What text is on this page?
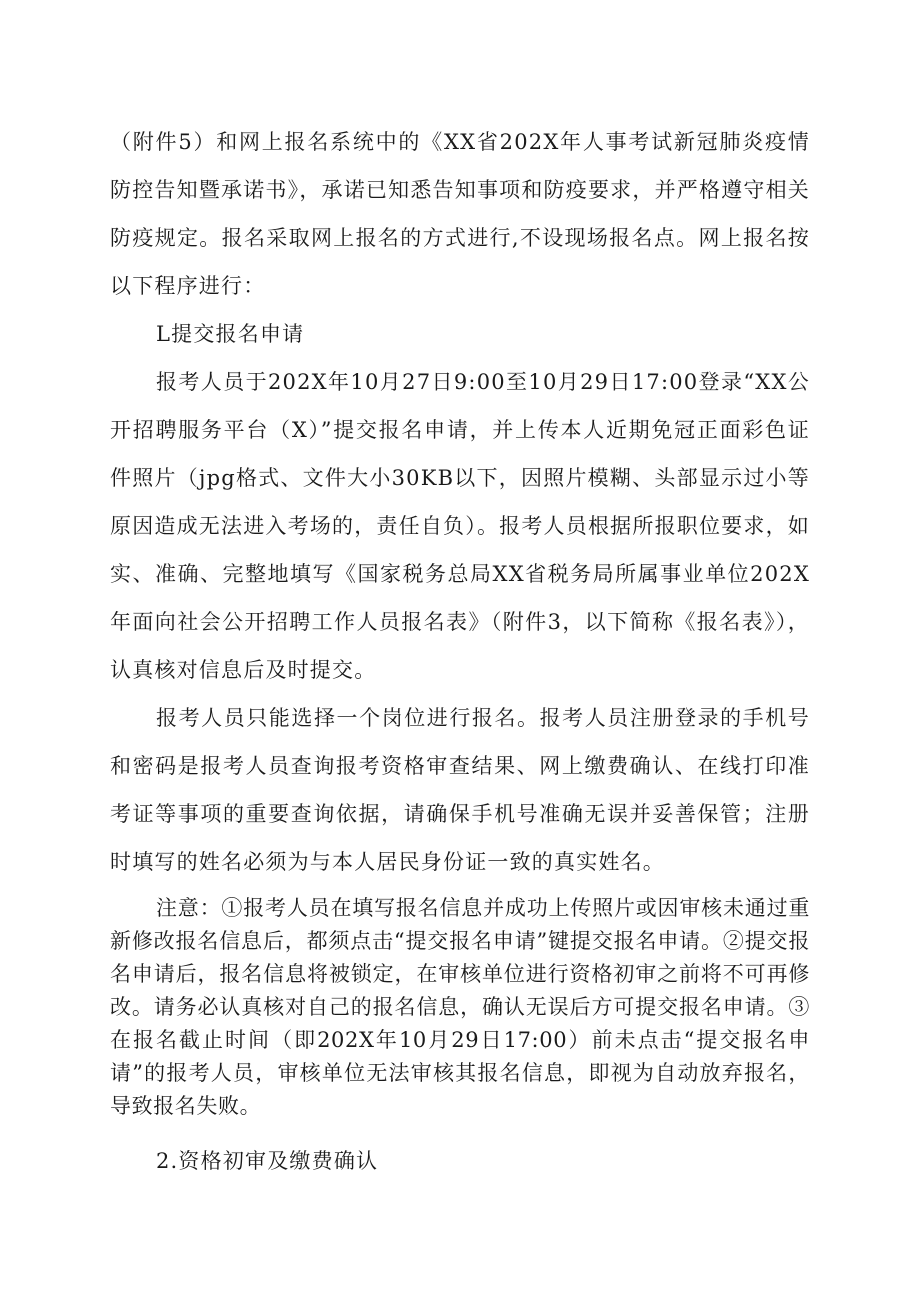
（附件5）和网上报名系统中的《XX省202X年人事考试新冠肺炎疫情防控告知暨承诺书》，承诺已知悉告知事项和防疫要求，并严格遵守相关防疫规定。报名采取网上报名的方式进行,不设现场报名点。网上报名按以下程序进行：

L提交报名申请

报考人员于202X年10月27日9:00至10月29日17:00登录“XX公开招聘服务平台（X）”提交报名申请，并上传本人近期免冠正面彩色证件照片（jpg格式、文件大小30KB以下，因照片模糊、头部显示过小等原因造成无法进入考场的，责任自负）。报考人员根据所报职位要求，如实、准确、完整地填写《国家税务总局XX省税务局所属事业单位202X年面向社会公开招聘工作人员报名表》（附件3，以下简称《报名表》），认真核对信息后及时提交。

报考人员只能选择一个岗位进行报名。报考人员注册登录的手机号和密码是报考人员查询报考资格审查结果、网上缴费确认、在线打印准考证等事项的重要查询依据，请确保手机号准确无误并妥善保管；注册时填写的姓名必须为与本人居民身份证一致的真实姓名。

注意：①报考人员在填写报名信息并成功上传照片或因审核未通过重新修改报名信息后，都须点击“提交报名申请”键提交报名申请。②提交报名申请后，报名信息将被锁定，在审核单位进行资格初审之前将不可再修改。请务必认真核对自己的报名信息，确认无误后方可提交报名申请。③在报名截止时间（即202X年10月29日17:00）前未点击“提交报名申请”的报考人员，审核单位无法审核其报名信息，即视为自动放弃报名，导致报名失败。

2.资格初审及缴费确认
